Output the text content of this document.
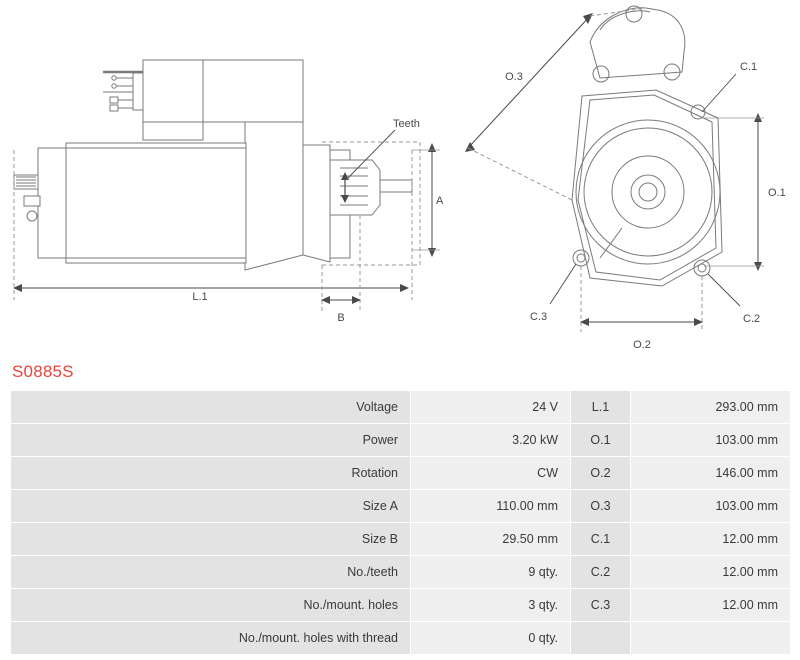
Teeth
A
L.1
B
O.3
O.1
O.2
C.1
C.2
C.3
S0885S
Voltage	24 V	L.1	293.00 mm
Power	3.20 kW	O.1	103.00 mm
Rotation	CW	O.2	146.00 mm
Size A	110.00 mm	O.3	103.00 mm
Size B	29.50 mm	C.1	12.00 mm
No./teeth	9 qty.	C.2	12.00 mm
No./mount. holes	3 qty.	C.3	12.00 mm
No./mount. holes with thread	0 qty.		
